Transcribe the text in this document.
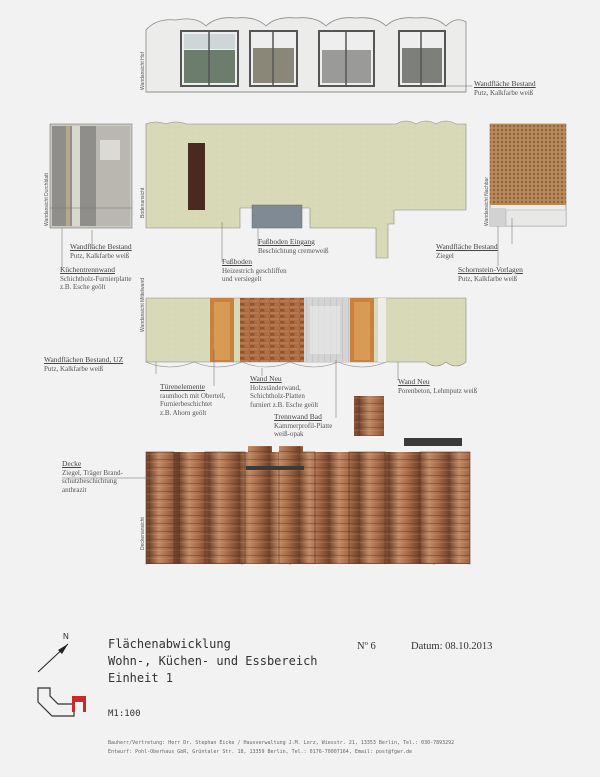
N
Wandansicht Hof
Wandansicht Durchblatt	Bodenansicht	Wandansicht Nachbar
Wandansicht Mittelwand
Deckenansicht
Wandfläche Bestand
Putz, Kalkfarbe weiß
Wandfläche Bestand
Putz, Kalkfarbe weiß
Küchentrennwand
Schichtholz-Furnierplatte
z.B. Esche geölt
Fußboden Eingang
Beschichtung cremeweiß
Fußboden
Heizestrich geschliffen
und versiegelt
Wandfläche Bestand
Ziegel
Schornstein-Vorlagen
Putz, Kalkfarbe weiß
Wandflächen Bestand, UZ
Putz, Kalkfarbe weiß
Türenelemente
raumhoch mit Oberteil,
Furnierbeschichtet
z.B. Ahorn geölt
Wand Neu
Holzständerwand,
Schichtholz-Platten
furniert z.B. Esche geölt
Trennwand Bad
Kammerprofil-Platte
weiß-opak
Wand Neu
Porenbeton, Lehmputz weiß
Decke
Ziegel, Träger Brand-
schutzbeschichtung
anthrazit
Flächenabwicklung
Wohn-, Küchen- und Essbereich
Einheit 1
Nº 6	Datum: 08.10.2013
M1:100
Bauherr/Vertretung: Herr Dr. Stephan Eicke / Hausverwaltung J.M. Lorz, Wiesstr. 21, 13353 Berlin, Tel.: 030-7893292
Entwurf: Pohl-Oberhaus GbR, Grüntaler Str. 18, 13359 Berlin, Tel.: 0176-70007164, Email: post@fgwr.de
